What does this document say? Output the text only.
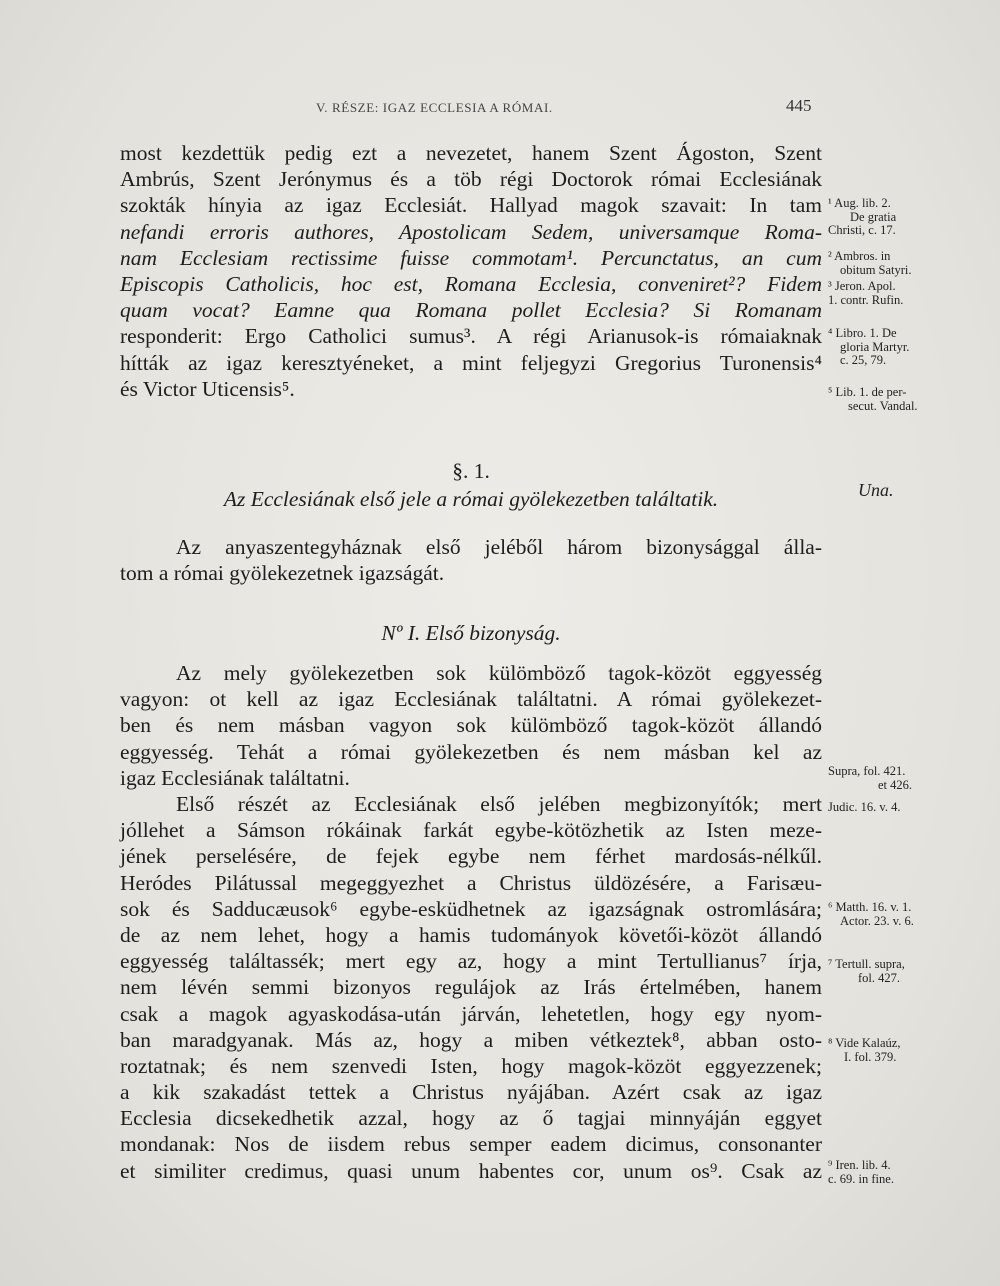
V. RÉSZE: IGAZ ECCLESIA A RÓMAI.	445
most kezdettük pedig ezt a nevezetet, hanem Szent Ágoston, Szent
Ambrús, Szent Jerónymus és a töb régi Doctorok római Ecclesiának
szokták hínyia az igaz Ecclesiát. Hallyad magok szavait: In tam
nefandi erroris authores, Apostolicam Sedem, universamque Roma-
nam Ecclesiam rectissime fuisse commotam¹. Percunctatus, an cum
Episcopis Catholicis, hoc est, Romana Ecclesia, conveniret²? Fidem
quam vocat? Eamne qua Romana pollet Ecclesia? Si Romanam
responderit: Ergo Catholici sumus³. A régi Arianusok-is rómaiaknak
hítták az igaz keresztyéneket, a mint feljegyzi Gregorius Turonensis⁴
és Victor Uticensis⁵.
§. 1.
Az Ecclesiának első jele a római gyölekezetben találtatik.	Una.
Az anyaszentegyháznak első jeléből három bizonysággal álla-
tom a római gyölekezetnek igazságát.
Nº I. Első bizonyság.
Az mely gyölekezetben sok külömböző tagok-közöt eggyesség
vagyon: ot kell az igaz Ecclesiának találtatni. A római gyölekezet-
ben és nem másban vagyon sok külömböző tagok-közöt állandó
eggyesség. Tehát a római gyölekezetben és nem másban kel az
igaz Ecclesiának találtatni.
Első részét az Ecclesiának első jelében megbizonyítók; mert
jóllehet a Sámson rókáinak farkát egybe-kötözhetik az Isten meze-
jének perselésére, de fejek egybe nem férhet mardosás-nélkűl.
Heródes Pilátussal megeggyezhet a Christus üldözésére, a Farisæu-
sok és Sadducæusok⁶ egybe-esküdhetnek az igazságnak ostromlására;
de az nem lehet, hogy a hamis tudományok követői-közöt állandó
eggyesség találtassék; mert egy az, hogy a mint Tertullianus⁷ írja,
nem lévén semmi bizonyos regulájok az Irás értelmében, hanem
csak a magok agyaskodása-után járván, lehetetlen, hogy egy nyom-
ban maradgyanak. Más az, hogy a miben vétkeztek⁸, abban osto-
roztatnak; és nem szenvedi Isten, hogy magok-közöt eggyezzenek;
a kik szakadást tettek a Christus nyájában. Azért csak az igaz
Ecclesia dicsekedhetik azzal, hogy az ő tagjai minnyáján eggyet
mondanak: Nos de iisdem rebus semper eadem dicimus, consonanter
et similiter credimus, quasi unum habentes cor, unum os⁹. Csak az
¹ Aug. lib. 2.
De gratia
Christi, c. 17.
² Ambros. in
obitum Satyri.
³ Jeron. Apol.
1. contr. Rufin.
⁴ Libro. 1. De
gloria Martyr.
c. 25, 79.
⁵ Lib. 1. de per-
secut. Vandal.
Supra, fol. 421.
et 426.
Judic. 16. v. 4.
⁶ Matth. 16. v. 1.
Actor. 23. v. 6.
⁷ Tertull. supra,
fol. 427.
⁸ Vide Kalaúz,
I. fol. 379.
⁹ Iren. lib. 4.
c. 69. in fine.
